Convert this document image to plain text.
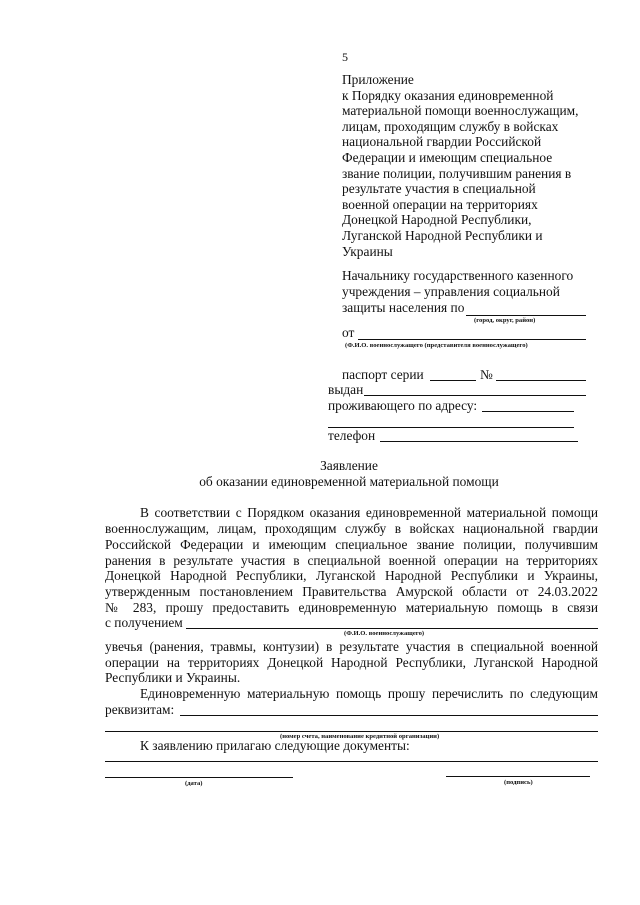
5
Приложение
к Порядку оказания единовременной
материальной помощи военнослужащим,
лицам, проходящим службу в войсках
национальной гвардии Российской
Федерации и имеющим специальное
звание полиции, получившим ранения в
результате участия в специальной
военной операции на территориях
Донецкой Народной Республики,
Луганской Народной Республики и
Украины
Начальнику государственного казенного
учреждения – управления социальной
защиты населения по
(город, округ, район)
от
(Ф.И.О. военнослужащего (представителя военнослужащего)
паспорт серии	№
выдан
проживающего по адресу:
телефон
Заявление
об оказании единовременной материальной помощи
В соответствии с Порядком оказания единовременной материальной помощи
военнослужащим, лицам, проходящим службу в войсках национальной гвардии
Российской Федерации и имеющим специальное звание полиции, получившим
ранения в результате участия в специальной военной операции на территориях
Донецкой Народной Республики, Луганской Народной Республики и Украины,
утвержденным постановлением Правительства Амурской области от 24.03.2022
№ 283, прошу предоставить единовременную материальную помощь в связи
с получением
(Ф.И.О. военнослужащего)
увечья (ранения, травмы, контузии) в результате участия в специальной военной
операции на территориях Донецкой Народной Республики, Луганской Народной
Республики и Украины.
Единовременную материальную помощь прошу перечислить по следующим
реквизитам:
(номер счета, наименование кредитной организации)
К заявлению прилагаю следующие документы:
(дата)	(подпись)
